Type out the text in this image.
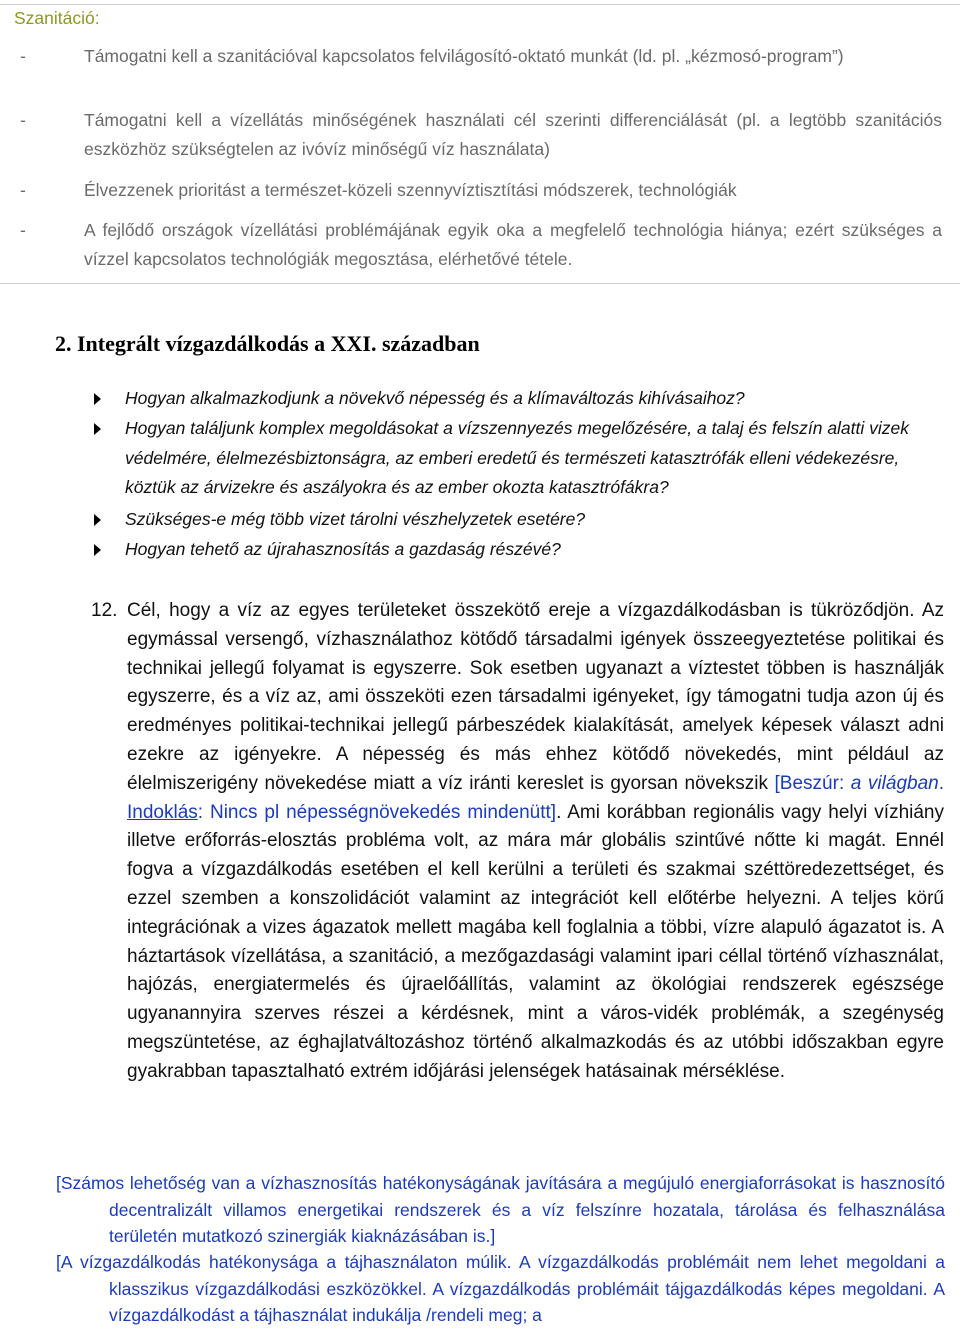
Szanitáció:
-	Támogatni kell a szanitációval kapcsolatos felvilágosító-oktató munkát (ld. pl. „kézmosó-program”)
-	Támogatni kell a vízellátás minőségének használati cél szerinti differenciálását (pl. a legtöbb szanitációs eszközhöz szükségtelen az ivóvíz minőségű víz használata)
-	Élvezzenek prioritást a természet-közeli szennyvíztisztítási módszerek, technológiák
-	A fejlődő országok vízellátási problémájának egyik oka a megfelelő technológia hiánya; ezért szükséges a vízzel kapcsolatos technológiák megosztása, elérhetővé tétele.
2. Integrált vízgazdálkodás a XXI. században
Hogyan alkalmazkodjunk a növekvő népesség és a klímaváltozás kihívásaihoz?
Hogyan találjunk komplex megoldásokat a vízszennyezés megelőzésére, a talaj és felszín alatti vizek védelmére, élelmezésbiztonságra, az emberi eredetű és természeti katasztrófák elleni védekezésre, köztük az árvizekre és aszályokra és az ember okozta katasztrófákra?
Szükséges-e még több vizet tárolni vészhelyzetek esetére?
Hogyan tehető az újrahasznosítás a gazdaság részévé?
12. Cél, hogy a víz az egyes területeket összekötő ereje a vízgazdálkodásban is tükröződjön. Az egymással versengő, vízhasználathoz kötődő társadalmi igények összeegyeztetése politikai és technikai jellegű folyamat is egyszerre. Sok esetben ugyanazt a víztestet többen is használják egyszerre, és a víz az, ami összeköti ezen társadalmi igényeket, így támogatni tudja azon új és eredményes politikai-technikai jellegű párbeszédek kialakítását, amelyek képesek választ adni ezekre az igényekre. A népesség és más ehhez kötődő növekedés, mint például az élelmiszerigény növekedése miatt a víz iránti kereslet is gyorsan növekszik [Beszúr: a világban. Indoklás: Nincs pl népességnövekedés mindenütt]. Ami korábban regionális vagy helyi vízhiány illetve erőforrás-elosztás probléma volt, az mára már globális szintűvé nőtte ki magát. Ennél fogva a vízgazdálkodás esetében el kell kerülni a területi és szakmai széttöredezettséget, és ezzel szemben a konszolidációt valamint az integrációt kell előtérbe helyezni. A teljes körű integrációnak a vizes ágazatok mellett magába kell foglalnia a többi, vízre alapuló ágazatot is. A háztartások vízellátása, a szanitáció, a mezőgazdasági valamint ipari céllal történő vízhasználat, hajózás, energiatermelés és újraelőállítás, valamint az ökológiai rendszerek egészsége ugyanannyira szerves részei a kérdésnek, mint a város-vidék problémák, a szegénység megszüntetése, az éghajlatváltozáshoz történő alkalmazkodás és az utóbbi időszakban egyre gyakrabban tapasztalható extrém időjárási jelenségek hatásainak mérséklése.
[Számos lehetőség van a vízhasznosítás hatékonyságának javítására a megújuló energiaforrásokat is hasznosító decentralizált villamos energetikai rendszerek és a víz felszínre hozatala, tárolása és felhasználása területén mutatkozó szinergiák kiaknázásában is.]
[A vízgazdálkodás hatékonysága a tájhasználaton múlik. A vízgazdálkodás problémáit nem lehet megoldani a klasszikus vízgazdálkodási eszközökkel. A vízgazdálkodás problémáit tájgazdálkodás képes megoldani. A vízgazdálkodást a tájhasználat indukálja /rendeli meg; a
